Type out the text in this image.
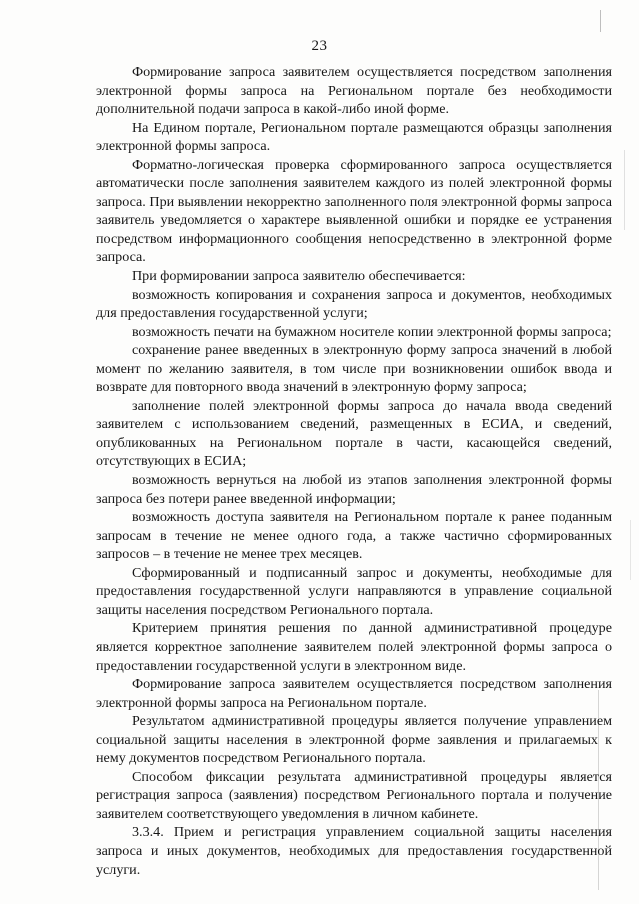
23

Формирование запроса заявителем осуществляется посредством заполнения электронной формы запроса на Региональном портале без необходимости дополнительной подачи запроса в какой-либо иной форме.

На Едином портале, Региональном портале размещаются образцы заполнения электронной формы запроса.

Форматно-логическая проверка сформированного запроса осуществляется автоматически после заполнения заявителем каждого из полей электронной формы запроса. При выявлении некорректно заполненного поля электронной формы запроса заявитель уведомляется о характере выявленной ошибки и порядке ее устранения посредством информационного сообщения непосредственно в электронной форме запроса.

При формировании запроса заявителю обеспечивается:

возможность копирования и сохранения запроса и документов, необходимых для предоставления государственной услуги;

возможность печати на бумажном носителе копии электронной формы запроса;

сохранение ранее введенных в электронную форму запроса значений в любой момент по желанию заявителя, в том числе при возникновении ошибок ввода и возврате для повторного ввода значений в электронную форму запроса;

заполнение полей электронной формы запроса до начала ввода сведений заявителем с использованием сведений, размещенных в ЕСИА, и сведений, опубликованных на Региональном портале в части, касающейся сведений, отсутствующих в ЕСИА;

возможность вернуться на любой из этапов заполнения электронной формы запроса без потери ранее введенной информации;

возможность доступа заявителя на Региональном портале к ранее поданным запросам в течение не менее одного года, а также частично сформированных запросов – в течение не менее трех месяцев.

Сформированный и подписанный запрос и документы, необходимые для предоставления государственной услуги направляются в управление социальной защиты населения посредством Регионального портала.

Критерием принятия решения по данной административной процедуре является корректное заполнение заявителем полей электронной формы запроса о предоставлении государственной услуги в электронном виде.

Формирование запроса заявителем осуществляется посредством заполнения электронной формы запроса на Региональном портале.

Результатом административной процедуры является получение управлением социальной защиты населения в электронной форме заявления и прилагаемых к нему документов посредством Регионального портала.

Способом фиксации результата административной процедуры является регистрация запроса (заявления) посредством Регионального портала и получение заявителем соответствующего уведомления в личном кабинете.

3.3.4. Прием и регистрация управлением социальной защиты населения запроса и иных документов, необходимых для предоставления государственной услуги.
